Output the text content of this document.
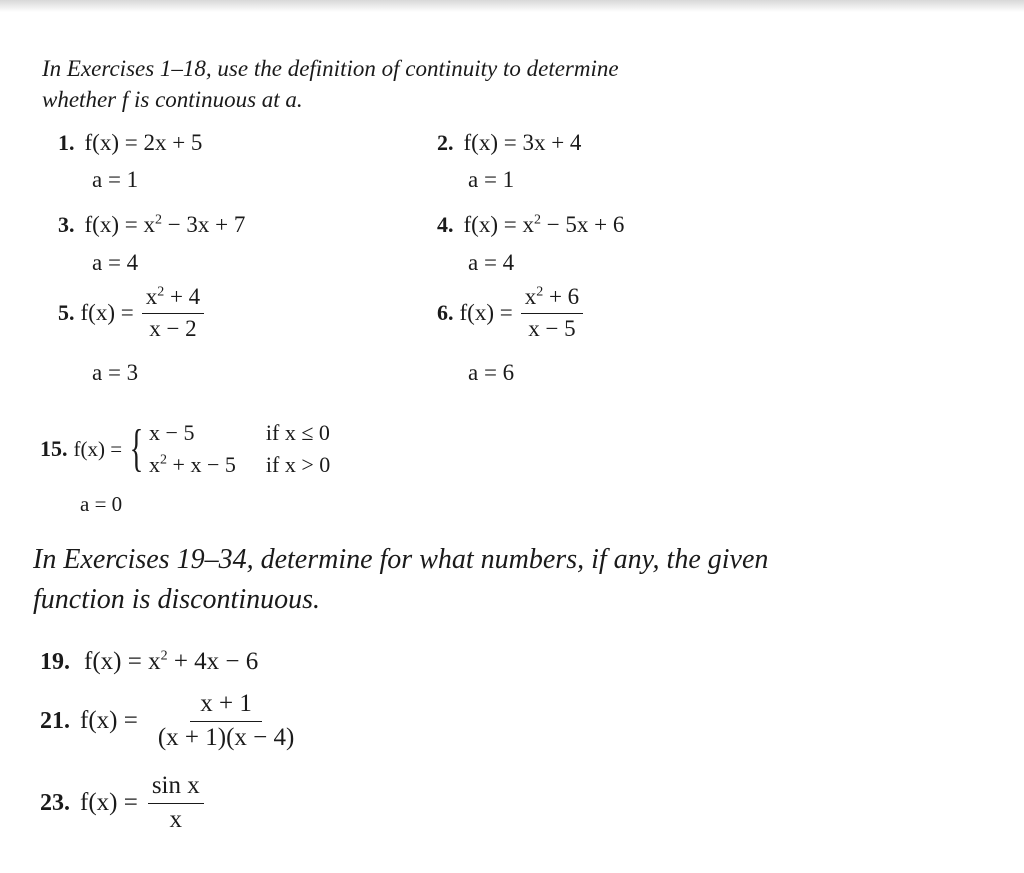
In Exercises 1–18, use the definition of continuity to determine
whether f is continuous at a.
1. f(x) = 2x + 5
a = 1
2. f(x) = 3x + 4
a = 1
3. $f(x) = x^2 - 3x + 7$
a = 4
4. $f(x) = x^2 - 5x + 6$
a = 4
5. $f(x) = \frac{x^2 + 4}{x - 2}$
a = 3
6. $f(x) = \frac{x^2 + 6}{x - 5}$
a = 6
15. f(x) = { x − 5	if x ≤ 0
$x^2 + x - 5$ if x > 0
a = 0
In Exercises 19–34, determine for what numbers, if any, the given
function is discontinuous.
19. $f(x) = x^2 + 4x - 6$
21. $f(x) = \frac{x + 1}{(x + 1)(x - 4)}$
23. $f(x) = \frac{\text{sin x}}{x}$
